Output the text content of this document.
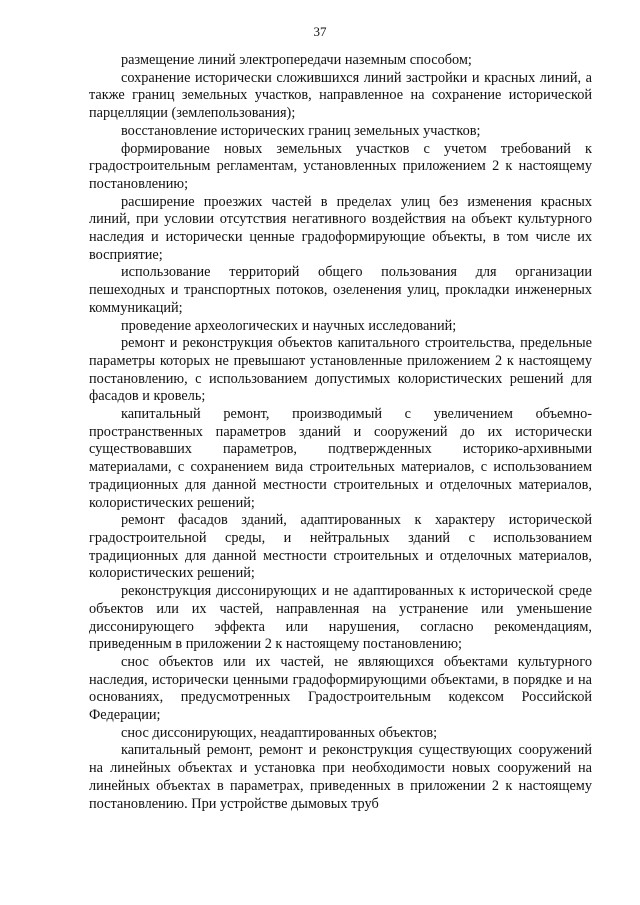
37

размещение линий электропередачи наземным способом;

сохранение исторически сложившихся линий застройки и красных линий, а также границ земельных участков, направленное на сохранение исторической парцелляции (землепользования);

восстановление исторических границ земельных участков;

формирование новых земельных участков с учетом требований к градостроительным регламентам, установленных приложением 2 к настоящему постановлению;

расширение проезжих частей в пределах улиц без изменения красных линий, при условии отсутствия негативного воздействия на объект культурного наследия и исторически ценные градоформирующие объекты, в том числе их восприятие;

использование территорий общего пользования для организации пешеходных и транспортных потоков, озеленения улиц, прокладки инженерных коммуникаций;

проведение археологических и научных исследований;

ремонт и реконструкция объектов капитального строительства, предельные параметры которых не превышают установленные приложением 2 к настоящему постановлению, с использованием допустимых колористических решений для фасадов и кровель;

капитальный ремонт, производимый с увеличением объемно-пространственных параметров зданий и сооружений до их исторически существовавших параметров, подтвержденных историко-архивными материалами, с сохранением вида строительных материалов, с использованием традиционных для данной местности строительных и отделочных материалов, колористических решений;

ремонт фасадов зданий, адаптированных к характеру исторической градостроительной среды, и нейтральных зданий с использованием традиционных для данной местности строительных и отделочных материалов, колористических решений;

реконструкция диссонирующих и не адаптированных к исторической среде объектов или их частей, направленная на устранение или уменьшение диссонирующего эффекта или нарушения, согласно рекомендациям, приведенным в приложении 2 к настоящему постановлению;

снос объектов или их частей, не являющихся объектами культурного наследия, исторически ценными градоформирующими объектами, в порядке и на основаниях, предусмотренных Градостроительным кодексом Российской Федерации;

снос диссонирующих, неадаптированных объектов;

капитальный ремонт, ремонт и реконструкция существующих сооружений на линейных объектах и установка при необходимости новых сооружений на линейных объектах в параметрах, приведенных в приложении 2 к настоящему постановлению. При устройстве дымовых труб
